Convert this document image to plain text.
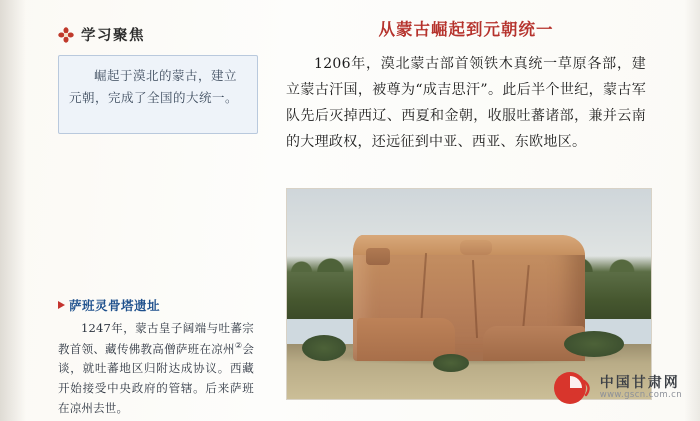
学习聚焦
崛起于漠北的蒙古，建立元朝，完成了全国的大统一。
萨班灵骨塔遗址
1247年，蒙古皇子阔端与吐蕃宗教首领、藏传佛教高僧萨班在凉州②会谈，就吐蕃地区归附达成协议。西藏开始接受中央政府的管辖。后来萨班在凉州去世。
从蒙古崛起到元朝统一
1206年，漠北蒙古部首领铁木真统一草原各部，建立蒙古汗国，被尊为“成吉思汗”。此后半个世纪，蒙古军队先后灭掉西辽、西夏和金朝，收服吐蕃诸部，兼并云南的大理政权，还远征到中亚、西亚、东欧地区。
中国甘肃网
www.gscn.com.cn
